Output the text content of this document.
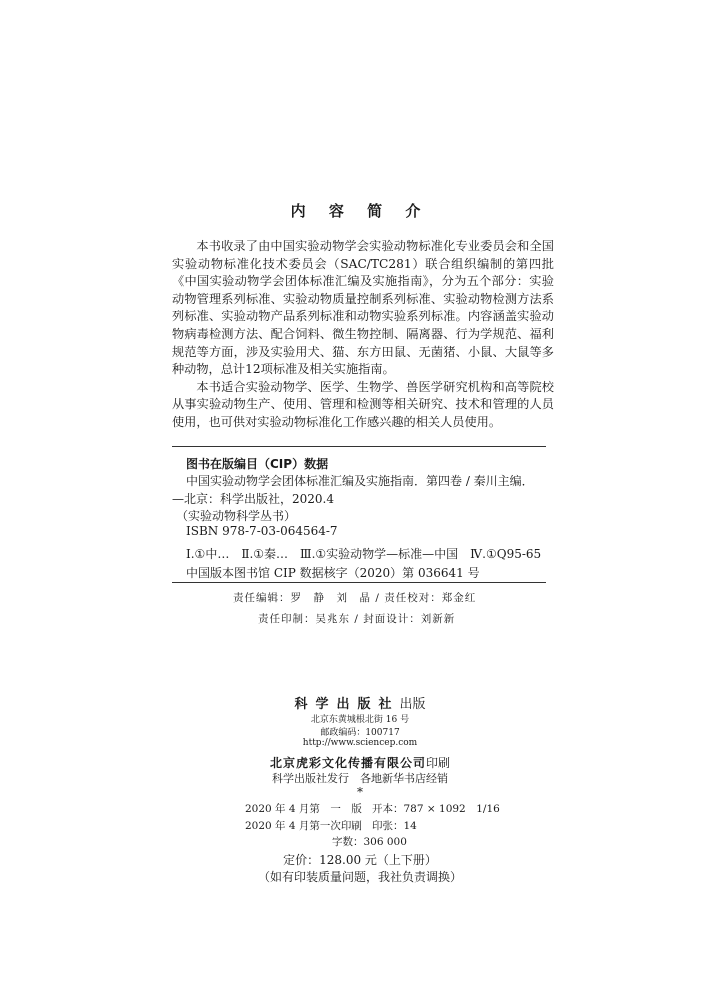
内 容 简 介

本书收录了由中国实验动物学会实验动物标准化专业委员会和全国实验动物标准化技术委员会（SAC/TC281）联合组织编制的第四批《中国实验动物学会团体标准汇编及实施指南》，分为五个部分：实验动物管理系列标准、实验动物质量控制系列标准、实验动物检测方法系列标准、实验动物产品系列标准和动物实验系列标准。内容涵盖实验动物病毒检测方法、配合饲料、微生物控制、隔离器、行为学规范、福利规范等方面，涉及实验用犬、猫、东方田鼠、无菌猪、小鼠、大鼠等多种动物，总计12项标准及相关实施指南。

本书适合实验动物学、医学、生物学、兽医学研究机构和高等院校从事实验动物生产、使用、管理和检测等相关研究、技术和管理的人员使用，也可供对实验动物标准化工作感兴趣的相关人员使用。

图书在版编目（CIP）数据
中国实验动物学会团体标准汇编及实施指南．第四卷 / 秦川主编．
—北京：科学出版社，2020.4
（实验动物科学丛书）
ISBN 978-7-03-064564-7
Ⅰ.①中…　Ⅱ.①秦…　Ⅲ.①实验动物学—标准—中国　Ⅳ.①Q95-65
中国版本图书馆 CIP 数据核字（2020）第 036641 号
责任编辑：罗　静　刘　晶 / 责任校对：郑金红
责任印制：吴兆东 / 封面设计：刘新新
科学出版社出版
北京东黄城根北街 16 号
邮政编码：100717
http://www.sciencep.com
北京虎彩文化传播有限公司印刷
科学出版社发行　各地新华书店经销
*
2020 年 4 月第　一　版 开本：787 × 1092　1/16
2020 年 4 月第一次印刷 印张：14
字数：306 000
定价：128.00 元（上下册）
（如有印装质量问题，我社负责调换）
